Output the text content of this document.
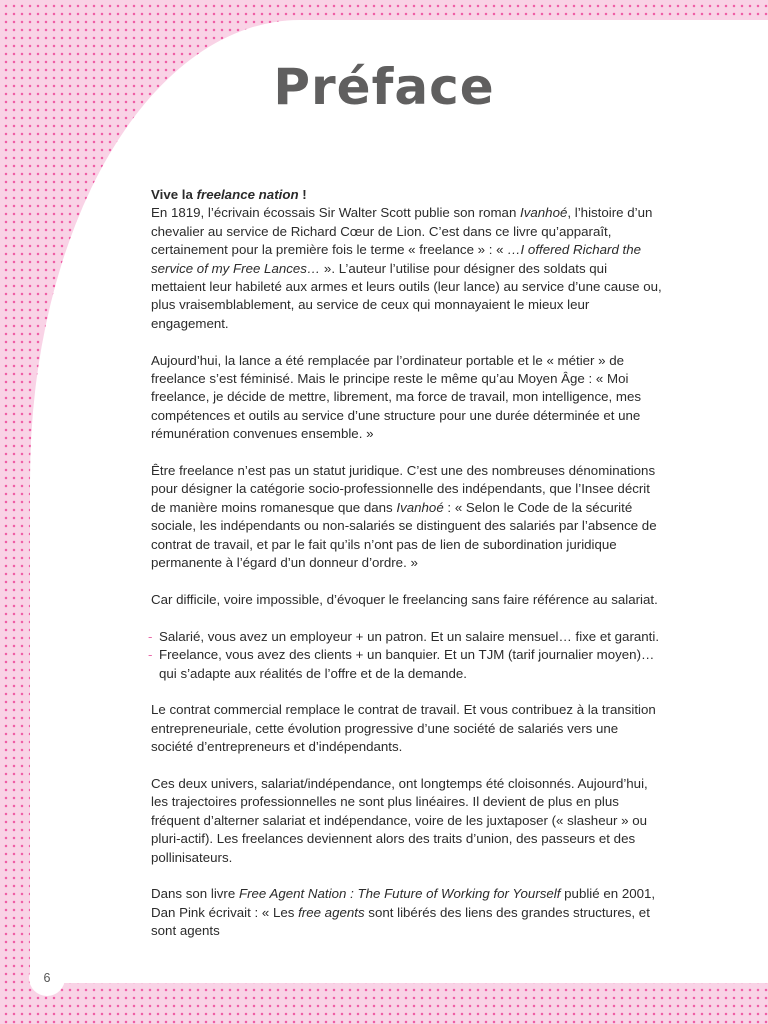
Préface
Vive la freelance nation !

En 1819, l’écrivain écossais Sir Walter Scott publie son roman Ivanhoé, l’histoire d’un chevalier au service de Richard Cœur de Lion. C’est dans ce livre qu’apparaît, certainement pour la première fois le terme « freelance » : « …I offered Richard the service of my Free Lances… ». L’auteur l’utilise pour désigner des soldats qui mettaient leur habileté aux armes et leurs outils (leur lance) au service d’une cause ou, plus vraisemblablement, au service de ceux qui monnayaient le mieux leur engagement.

Aujourd’hui, la lance a été remplacée par l’ordinateur portable et le « métier » de freelance s’est féminisé. Mais le principe reste le même qu’au Moyen Âge : « Moi freelance, je décide de mettre, librement, ma force de travail, mon intelligence, mes compétences et outils au service d’une structure pour une durée déterminée et une rémunération convenues ensemble. »

Être freelance n’est pas un statut juridique. C’est une des nombreuses dénominations pour désigner la catégorie socio-professionnelle des indépendants, que l’Insee décrit de manière moins romanesque que dans Ivanhoé : « Selon le Code de la sécurité sociale, les indépendants ou non-salariés se distinguent des salariés par l’absence de contrat de travail, et par le fait qu’ils n’ont pas de lien de subordination juridique permanente à l’égard d’un donneur d’ordre. »

Car difficile, voire impossible, d’évoquer le freelancing sans faire référence au salariat.

- Salarié, vous avez un employeur + un patron. Et un salaire mensuel… fixe et garanti.
- Freelance, vous avez des clients + un banquier. Et un TJM (tarif journalier moyen)… qui s’adapte aux réalités de l’offre et de la demande.

Le contrat commercial remplace le contrat de travail. Et vous contribuez à la transition entrepreneuriale, cette évolution progressive d’une société de salariés vers une société d’entrepreneurs et d’indépendants.

Ces deux univers, salariat/indépendance, ont longtemps été cloisonnés. Aujourd’hui, les trajectoires professionnelles ne sont plus linéaires. Il devient de plus en plus fréquent d’alterner salariat et indépendance, voire de les juxtaposer (« slasheur » ou pluri-actif). Les freelances deviennent alors des traits d’union, des passeurs et des pollinisateurs.

Dans son livre Free Agent Nation : The Future of Working for Yourself publié en 2001, Dan Pink écrivait : « Les free agents sont libérés des liens des grandes structures, et sont agents

6
